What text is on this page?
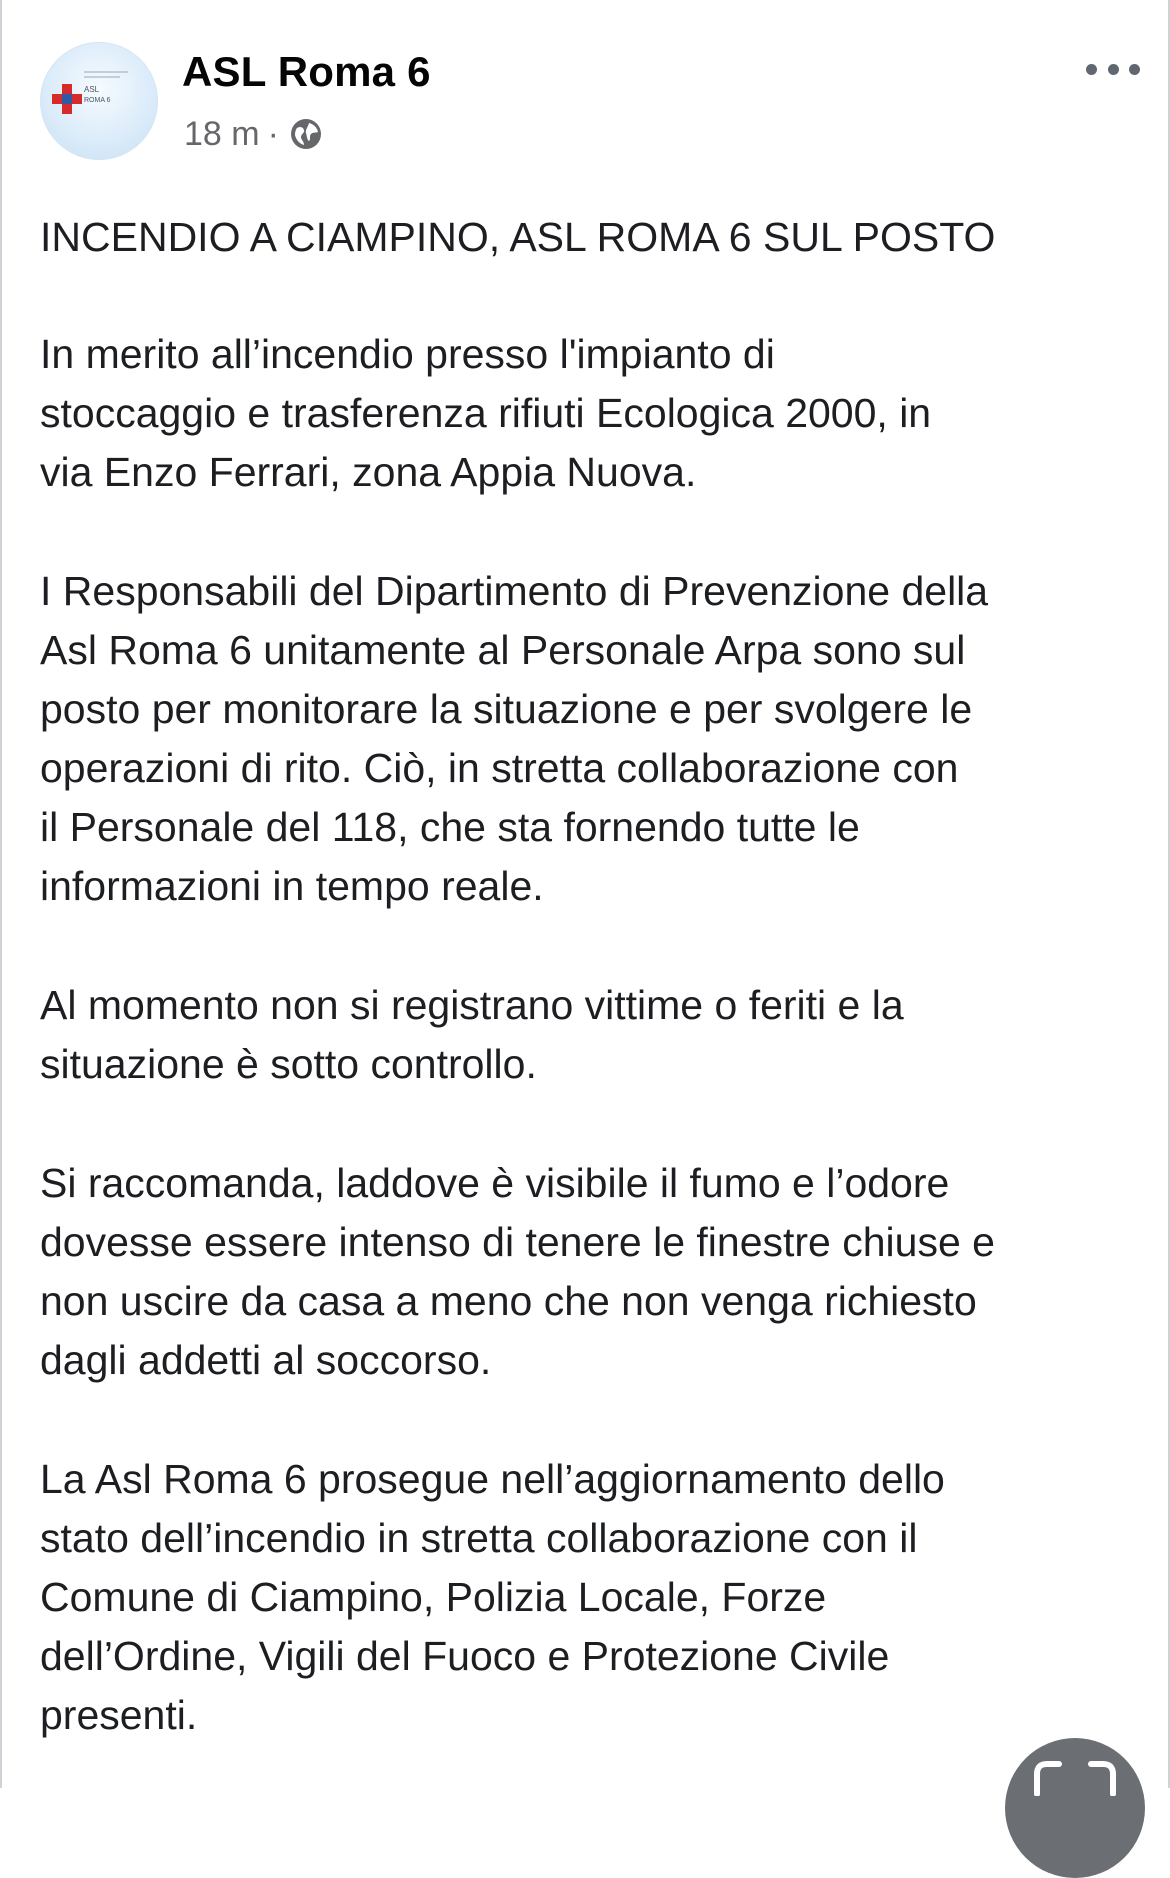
ASL
ROMA 6
ASL Roma 6
18 m ·

INCENDIO A CIAMPINO, ASL ROMA 6 SUL POSTO

In merito all’incendio presso l'impianto di
stoccaggio e trasferenza rifiuti Ecologica 2000, in
via Enzo Ferrari, zona Appia Nuova.

I Responsabili del Dipartimento di Prevenzione della
Asl Roma 6 unitamente al Personale Arpa sono sul
posto per monitorare la situazione e per svolgere le
operazioni di rito. Ciò, in stretta collaborazione con
il Personale del 118, che sta fornendo tutte le
informazioni in tempo reale.

Al momento non si registrano vittime o feriti e la
situazione è sotto controllo.

Si raccomanda, laddove è visibile il fumo e l’odore
dovesse essere intenso di tenere le finestre chiuse e
non uscire da casa a meno che non venga richiesto
dagli addetti al soccorso.

La Asl Roma 6 prosegue nell’aggiornamento dello
stato dell’incendio in stretta collaborazione con il
Comune di Ciampino, Polizia Locale, Forze
dell’Ordine, Vigili del Fuoco e Protezione Civile
presenti.
